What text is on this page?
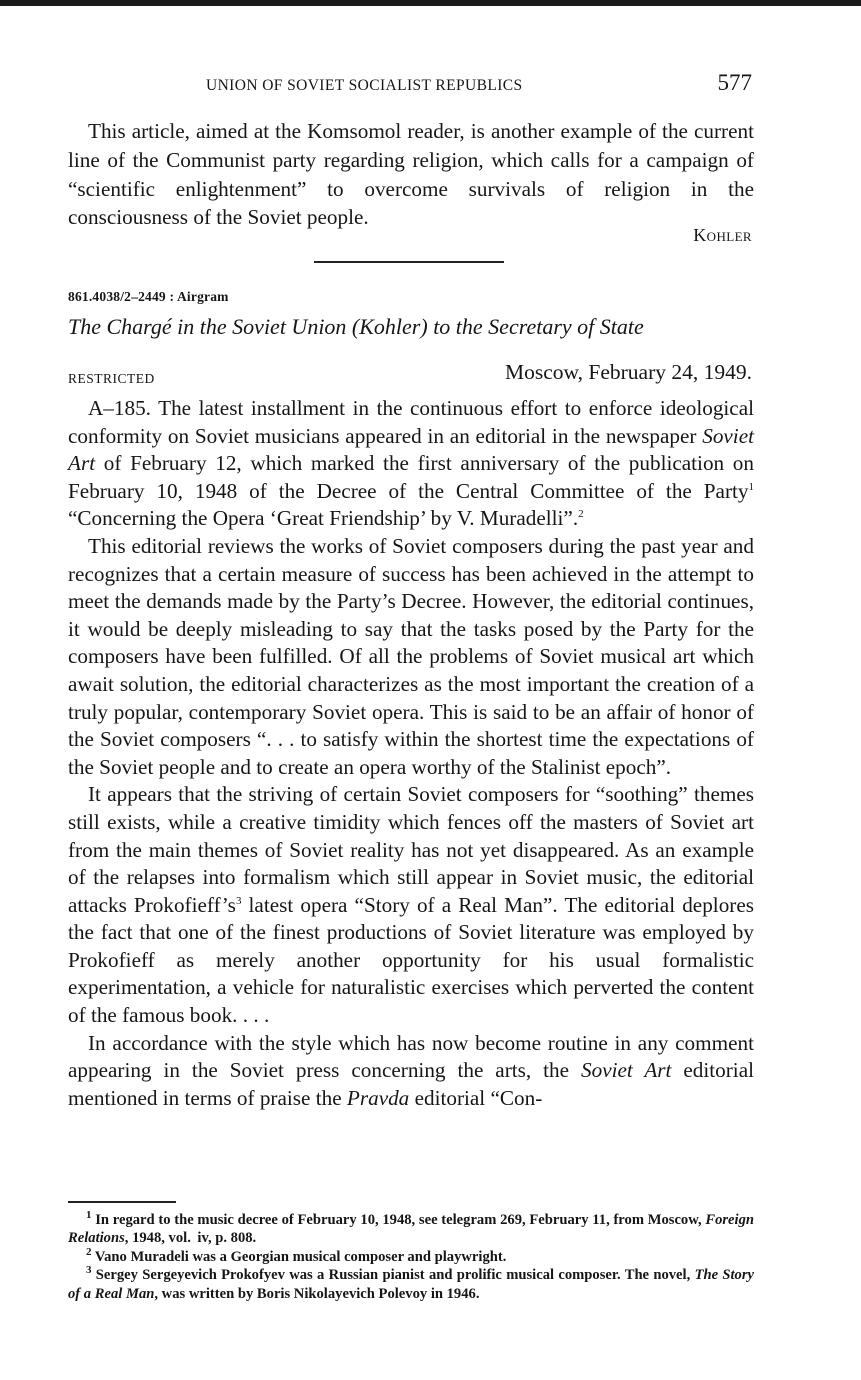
UNION OF SOVIET SOCIALIST REPUBLICS	577

This article, aimed at the Komsomol reader, is another example of the current line of the Communist party regarding religion, which calls for a campaign of “scientific enlightenment” to overcome survivals of religion in the consciousness of the Soviet people.

Kohler
861.4038/2–2449 : Airgram
The Chargé in the Soviet Union (Kohler) to the Secretary of State
RESTRICTED	Moscow, February 24, 1949.

A–185. The latest installment in the continuous effort to enforce ideological conformity on Soviet musicians appeared in an editorial in the newspaper Soviet Art of February 12, which marked the first anniversary of the publication on February 10, 1948 of the Decree of the Central Committee of the Party$^1$ “Concerning the Opera ‘Great Friendship’ by V. Muradelli”.$^2$

This editorial reviews the works of Soviet composers during the past year and recognizes that a certain measure of success has been achieved in the attempt to meet the demands made by the Party’s Decree. However, the editorial continues, it would be deeply misleading to say that the tasks posed by the Party for the composers have been fulfilled. Of all the problems of Soviet musical art which await solution, the editorial characterizes as the most important the creation of a truly popular, contemporary Soviet opera. This is said to be an affair of honor of the Soviet composers “. . . to satisfy within the shortest time the expectations of the Soviet people and to create an opera worthy of the Stalinist epoch”.

It appears that the striving of certain Soviet composers for “soothing” themes still exists, while a creative timidity which fences off the masters of Soviet art from the main themes of Soviet reality has not yet disappeared. As an example of the relapses into formalism which still appear in Soviet music, the editorial attacks $Prokofieff’s^3$ latest opera “Story of a Real Man”. The editorial deplores the fact that one of the finest productions of Soviet literature was employed by Prokofieff as merely another opportunity for his usual formalistic experimentation, a vehicle for naturalistic exercises which perverted the content of the famous book. . . .

In accordance with the style which has now become routine in any comment appearing in the Soviet press concerning the arts, the Soviet Art editorial mentioned in terms of praise the Pravda editorial “Con-

$^1$ In regard to the music decree of February 10, 1948, see telegram 269, February 11, from Moscow, Foreign Relations, 1948, vol.  iv, p. 808.

$^2$ Vano Muradeli was a Georgian musical composer and playwright.

$^3$ Sergey Sergeyevich Prokofyev was a Russian pianist and prolific musical composer. The novel, The Story of a Real Man, was written by Boris Nikolayevich Polevoy in 1946.
